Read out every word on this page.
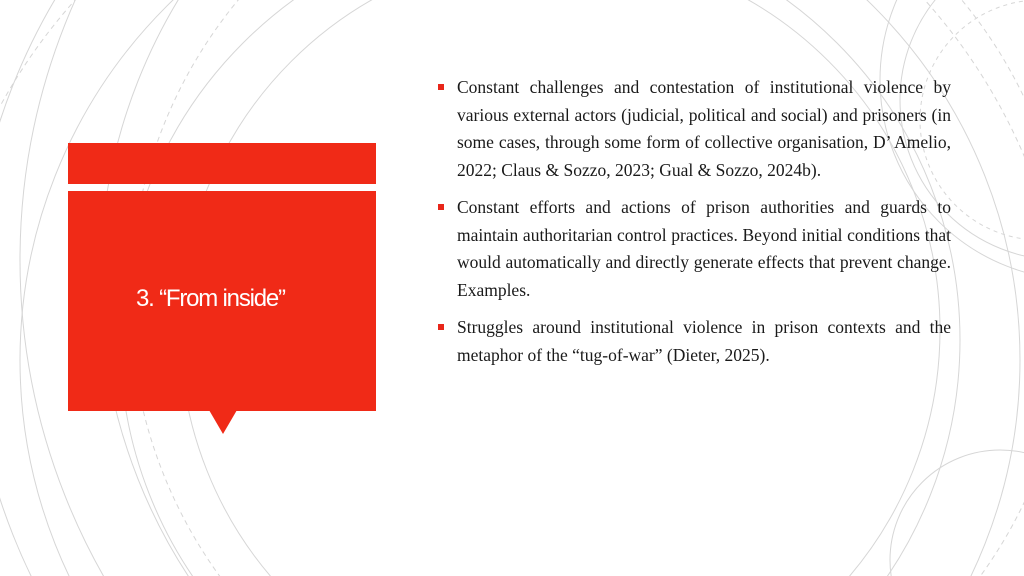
3. “From inside”
Constant challenges and contestation of institutional violence by various external actors (judicial, political and social) and prisoners (in some cases, through some form of collective organisation, D’ Amelio, 2022; Claus & Sozzo, 2023; Gual & Sozzo, 2024b).
Constant efforts and actions of prison authorities and guards to maintain authoritarian control practices. Beyond initial conditions that would automatically and directly generate effects that prevent change. Examples.
Struggles around institutional violence in prison contexts and the metaphor of the “tug-of-war” (Dieter, 2025).
